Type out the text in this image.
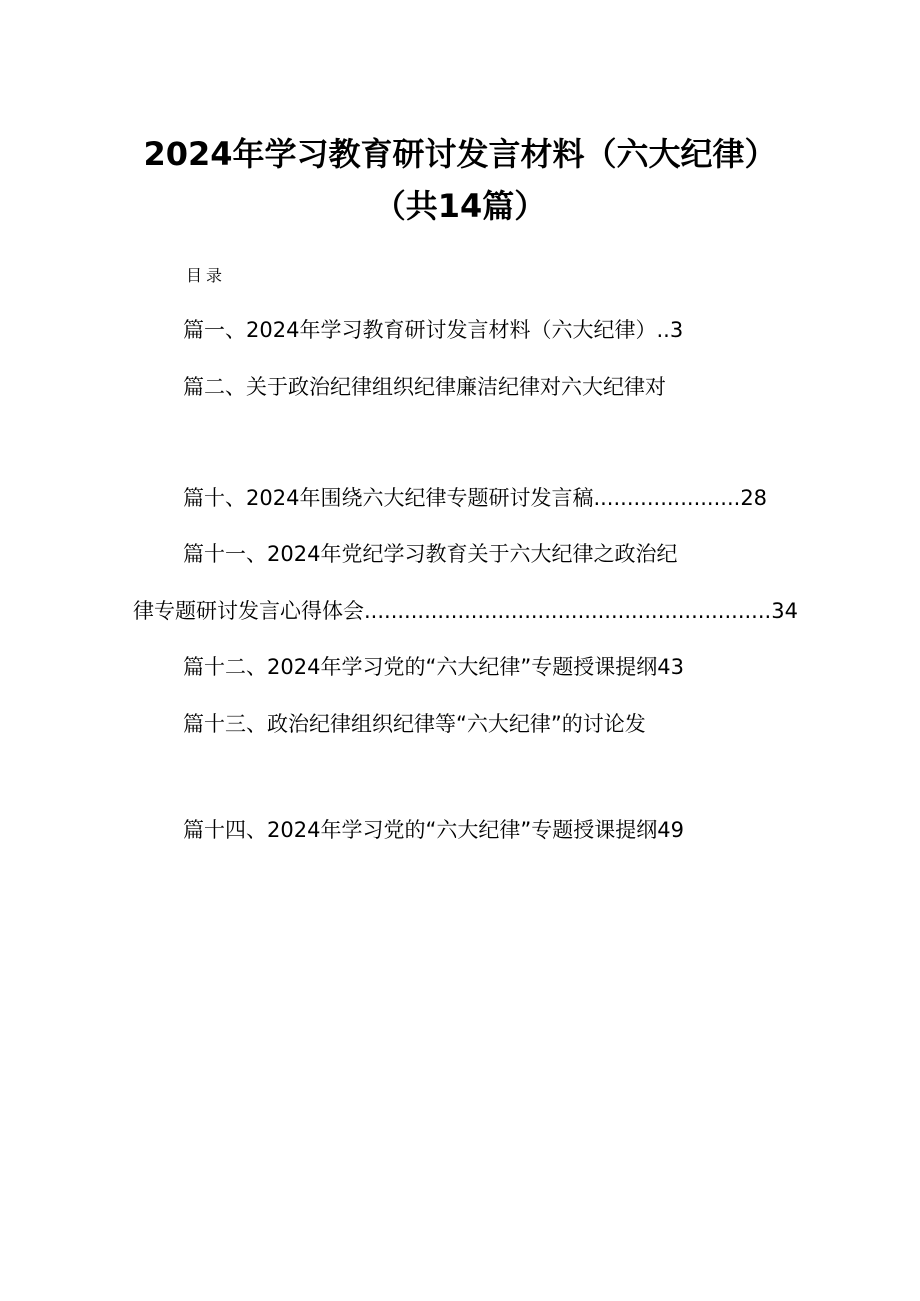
2024年学习教育研讨发言材料（六大纪律）
（共14篇）
目录
篇一、2024年学习教育研讨发言材料（六大纪律）..3
篇二、关于政治纪律组织纪律廉洁纪律对六大纪律对
篇十、2024年围绕六大纪律专题研讨发言稿......................28
篇十一、2024年党纪学习教育关于六大纪律之政治纪
律专题研讨发言心得体会.............................................................34
篇十二、2024年学习党的“六大纪律”专题授课提纲43
篇十三、政治纪律组织纪律等“六大纪律”的讨论发
篇十四、2024年学习党的“六大纪律”专题授课提纲49
